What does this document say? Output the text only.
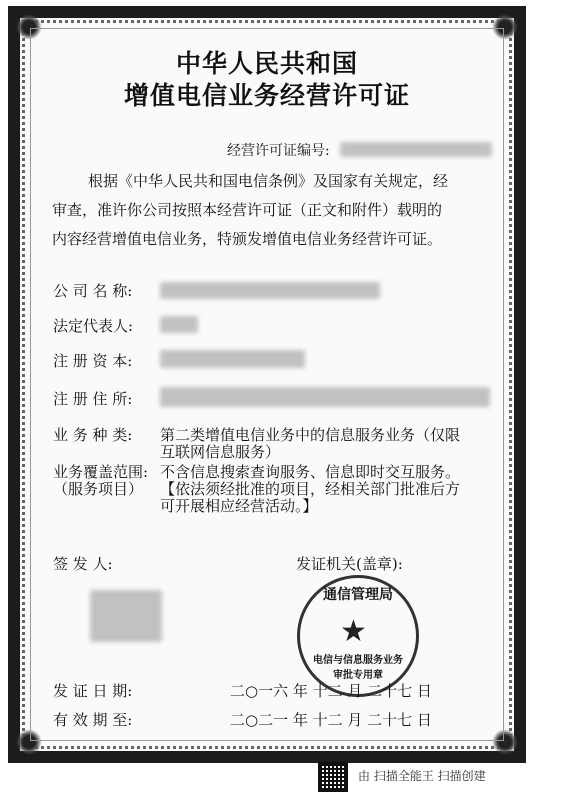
中华人民共和国
增值电信业务经营许可证
经营许可证编号:
根据《中华人民共和国电信条例》及国家有关规定，经
审查，准许你公司按照本经营许可证（正文和附件）载明的
内容经营增值电信业务，特颁发增值电信业务经营许可证。
公 司 名 称:
法定代表人:
注 册 资 本:
注 册 住 所:
业 务 种 类: 第二类增值电信业务中的信息服务业务（仅限
互联网信息服务）
业务覆盖范围:
（服务项目）
不含信息搜索查询服务、信息即时交互服务。
【依法须经批准的项目，经相关部门批准后方
可开展相应经营活动。】
签 发 人:	发证机关(盖章):
通信管理局
★
电信与信息服务业务
审批专用章
发 证 日 期:	二○一六 年 十二 月 二十七 日
有 效 期 至:	二○二一 年 十二 月 二十七 日
由 扫描全能王 扫描创建
